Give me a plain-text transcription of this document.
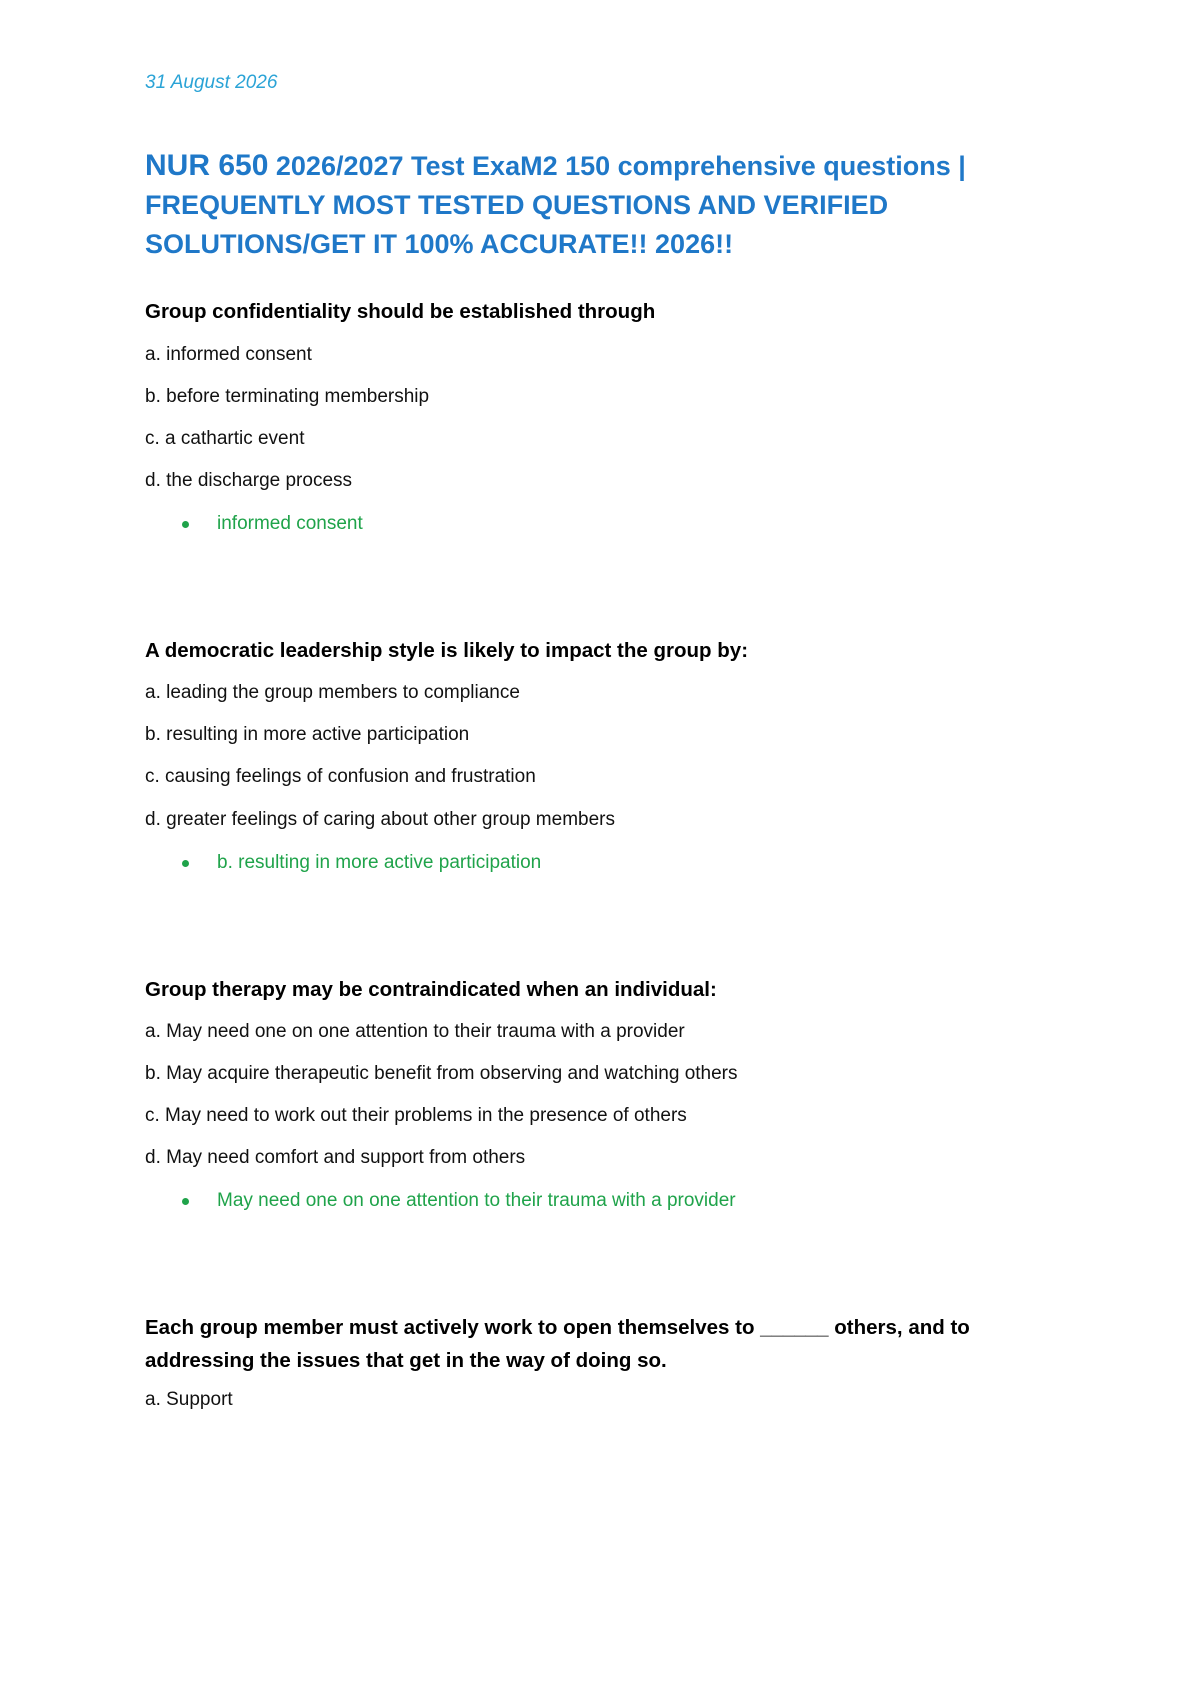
31 August 2026
NUR 650 2026/2027 Test ExaM2 150 comprehensive questions | FREQUENTLY MOST TESTED QUESTIONS AND VERIFIED SOLUTIONS/GET IT 100% ACCURATE!! 2026!!
Group confidentiality should be established through
a. informed consent
b. before terminating membership
c. a cathartic event
d. the discharge process
informed consent
A democratic leadership style is likely to impact the group by:
a. leading the group members to compliance
b. resulting in more active participation
c. causing feelings of confusion and frustration
d. greater feelings of caring about other group members
b. resulting in more active participation
Group therapy may be contraindicated when an individual:
a. May need one on one attention to their trauma with a provider
b. May acquire therapeutic benefit from observing and watching others
c. May need to work out their problems in the presence of others
d. May need comfort and support from others
May need one on one attention to their trauma with a provider
Each group member must actively work to open themselves to ______ others, and to addressing the issues that get in the way of doing so.
a. Support
